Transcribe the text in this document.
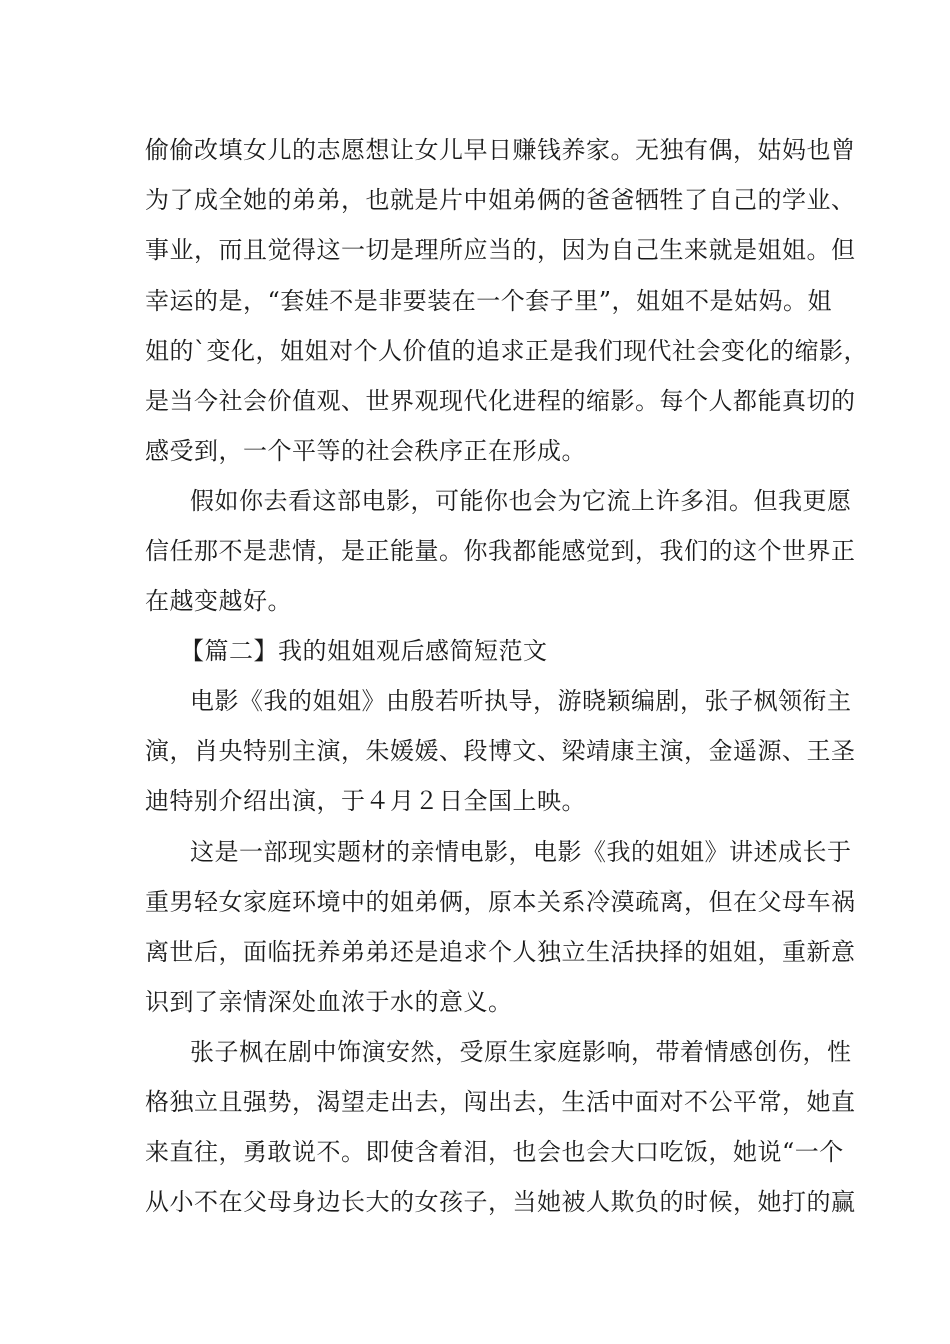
偷偷改填女儿的志愿想让女儿早日赚钱养家。无独有偶，姑妈也曾
为了成全她的弟弟，也就是片中姐弟俩的爸爸牺牲了自己的学业、
事业，而且觉得这一切是理所应当的，因为自己生来就是姐姐。但
幸运的是，“套娃不是非要装在一个套子里”，姐姐不是姑妈。姐
姐的`变化，姐姐对个人价值的追求正是我们现代社会变化的缩影，
是当今社会价值观、世界观现代化进程的缩影。每个人都能真切的
感受到，一个平等的社会秩序正在形成。
假如你去看这部电影，可能你也会为它流上许多泪。但我更愿
信任那不是悲情，是正能量。你我都能感觉到，我们的这个世界正
在越变越好。
【篇二】我的姐姐观后感简短范文
电影《我的姐姐》由殷若听执导，游晓颖编剧，张子枫领衔主
演，肖央特别主演，朱媛媛、段博文、梁靖康主演，金遥源、王圣
迪特别介绍出演，于４月２日全国上映。
这是一部现实题材的亲情电影，电影《我的姐姐》讲述成长于
重男轻女家庭环境中的姐弟俩，原本关系冷漠疏离，但在父母车祸
离世后，面临抚养弟弟还是追求个人独立生活抉择的姐姐，重新意
识到了亲情深处血浓于水的意义。
张子枫在剧中饰演安然，受原生家庭影响，带着情感创伤，性
格独立且强势，渴望走出去，闯出去，生活中面对不公平常，她直
来直往，勇敢说不。即使含着泪，也会也会大口吃饭，她说“一个
从小不在父母身边长大的女孩子，当她被人欺负的时候，她打的赢
